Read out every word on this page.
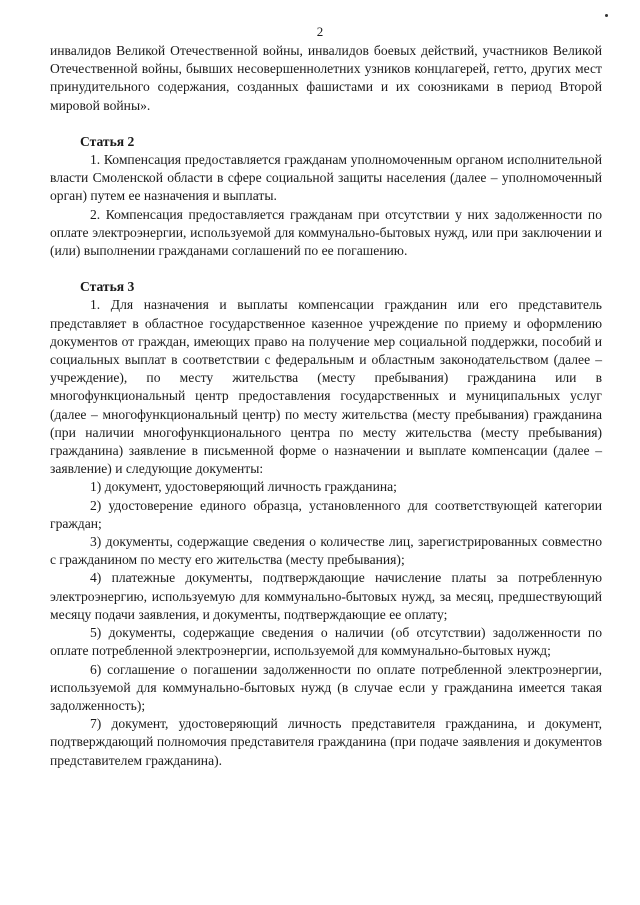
2

инвалидов Великой Отечественной войны, инвалидов боевых действий, участников Великой Отечественной войны, бывших несовершеннолетних узников концлагерей, гетто, других мест принудительного содержания, созданных фашистами и их союзниками в период Второй мировой войны».

Статья 2

1. Компенсация предоставляется гражданам уполномоченным органом исполнительной власти Смоленской области в сфере социальной защиты населения (далее – уполномоченный орган) путем ее назначения и выплаты.

2. Компенсация предоставляется гражданам при отсутствии у них задолженности по оплате электроэнергии, используемой для коммунально-бытовых нужд, или при заключении и (или) выполнении гражданами соглашений по ее погашению.

Статья 3

1. Для назначения и выплаты компенсации гражданин или его представитель представляет в областное государственное казенное учреждение по приему и оформлению документов от граждан, имеющих право на получение мер социальной поддержки, пособий и социальных выплат в соответствии с федеральным и областным законодательством (далее – учреждение), по месту жительства (месту пребывания) гражданина или в многофункциональный центр предоставления государственных и муниципальных услуг (далее – многофункциональный центр) по месту жительства (месту пребывания) гражданина (при наличии многофункционального центра по месту жительства (месту пребывания) гражданина) заявление в письменной форме о назначении и выплате компенсации (далее – заявление) и следующие документы:

1) документ, удостоверяющий личность гражданина;

2) удостоверение единого образца, установленного для соответствующей категории граждан;

3) документы, содержащие сведения о количестве лиц, зарегистрированных совместно с гражданином по месту его жительства (месту пребывания);

4) платежные документы, подтверждающие начисление платы за потребленную электроэнергию, используемую для коммунально-бытовых нужд, за месяц, предшествующий месяцу подачи заявления, и документы, подтверждающие ее оплату;

5) документы, содержащие сведения о наличии (об отсутствии) задолженности по оплате потребленной электроэнергии, используемой для коммунально-бытовых нужд;

6) соглашение о погашении задолженности по оплате потребленной электроэнергии, используемой для коммунально-бытовых нужд (в случае если у гражданина имеется такая задолженность);

7) документ, удостоверяющий личность представителя гражданина, и документ, подтверждающий полномочия представителя гражданина (при подаче заявления и документов представителем гражданина).
